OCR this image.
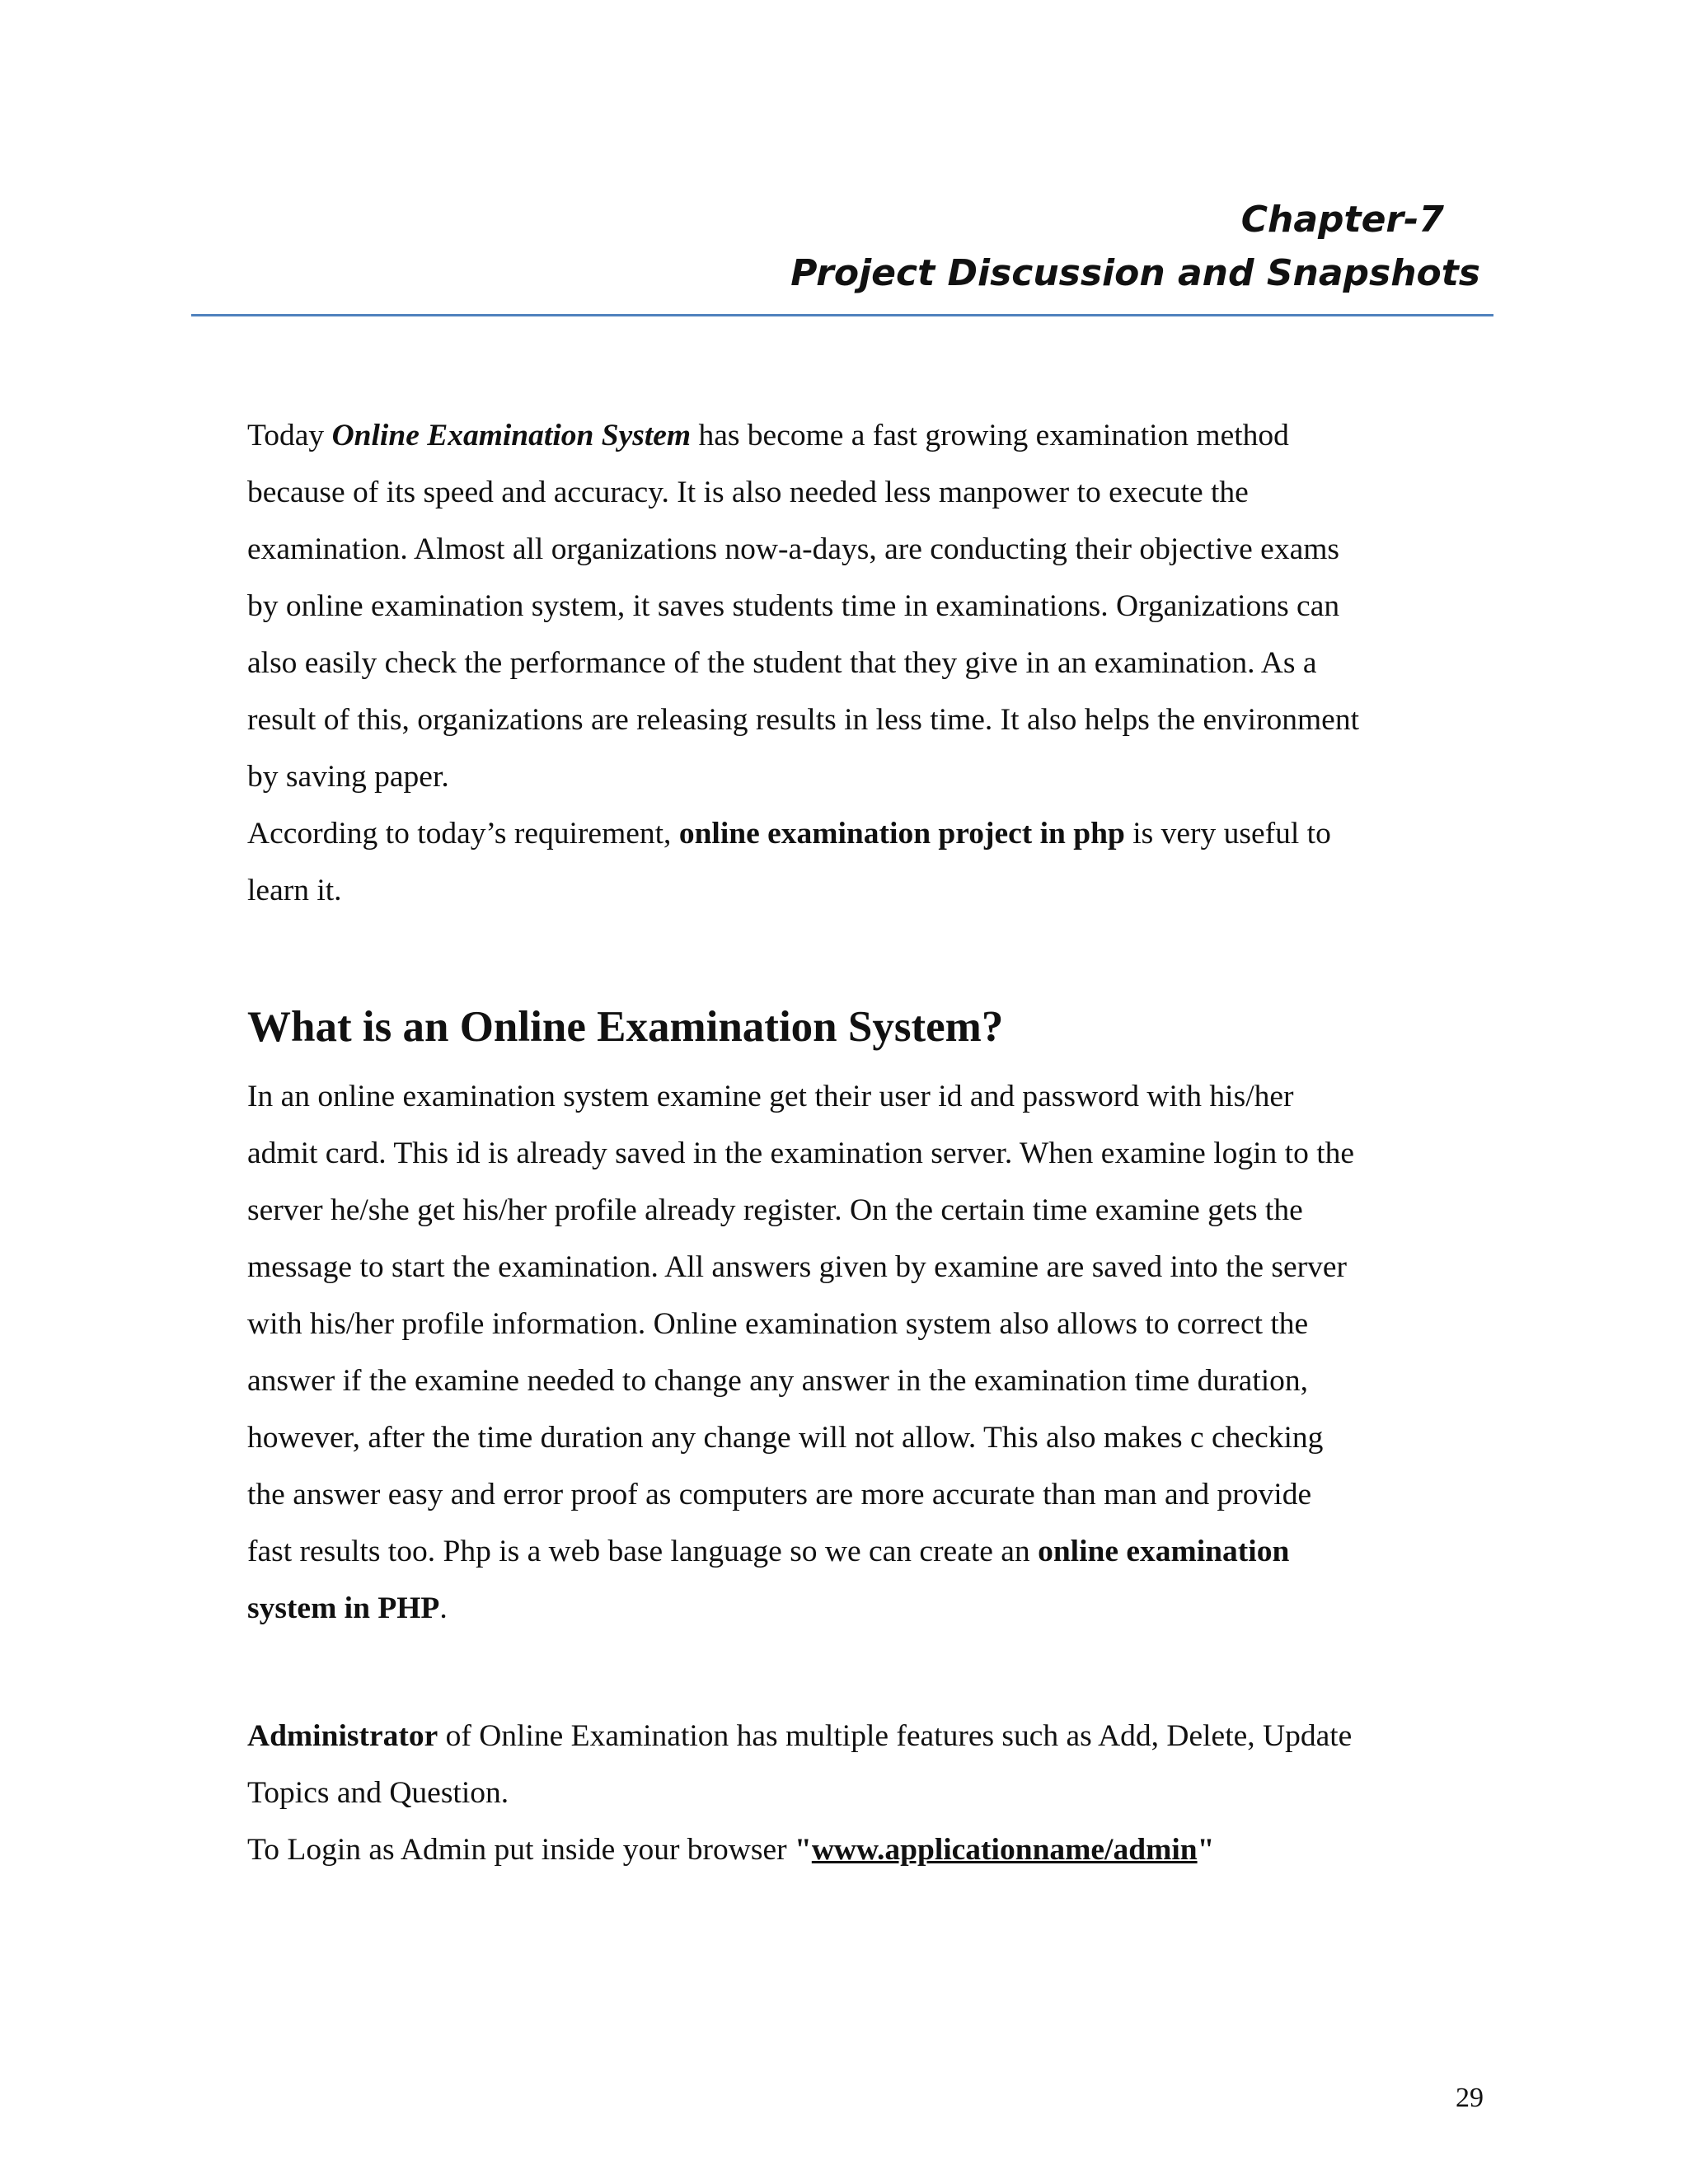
Chapter-7
Project Discussion and Snapshots

Today Online Examination System has become a fast growing examination method
because of its speed and accuracy. It is also needed less manpower to execute the
examination. Almost all organizations now-a-days, are conducting their objective exams
by online examination system, it saves students time in examinations. Organizations can
also easily check the performance of the student that they give in an examination. As a
result of this, organizations are releasing results in less time. It also helps the environment
by saving paper.
According to today’s requirement, online examination project in php is very useful to
learn it.

What is an Online Examination System?

In an online examination system examine get their user id and password with his/her
admit card. This id is already saved in the examination server. When examine login to the
server he/she get his/her profile already register. On the certain time examine gets the
message to start the examination. All answers given by examine are saved into the server
with his/her profile information. Online examination system also allows to correct the
answer if the examine needed to change any answer in the examination time duration,
however, after the time duration any change will not allow. This also makes c checking
the answer easy and error proof as computers are more accurate than man and provide
fast results too. Php is a web base language so we can create an online examination
system in PHP.

Administrator of Online Examination has multiple features such as Add, Delete, Update
Topics and Question.
To Login as Admin put inside your browser "www.applicationname/admin"

29
